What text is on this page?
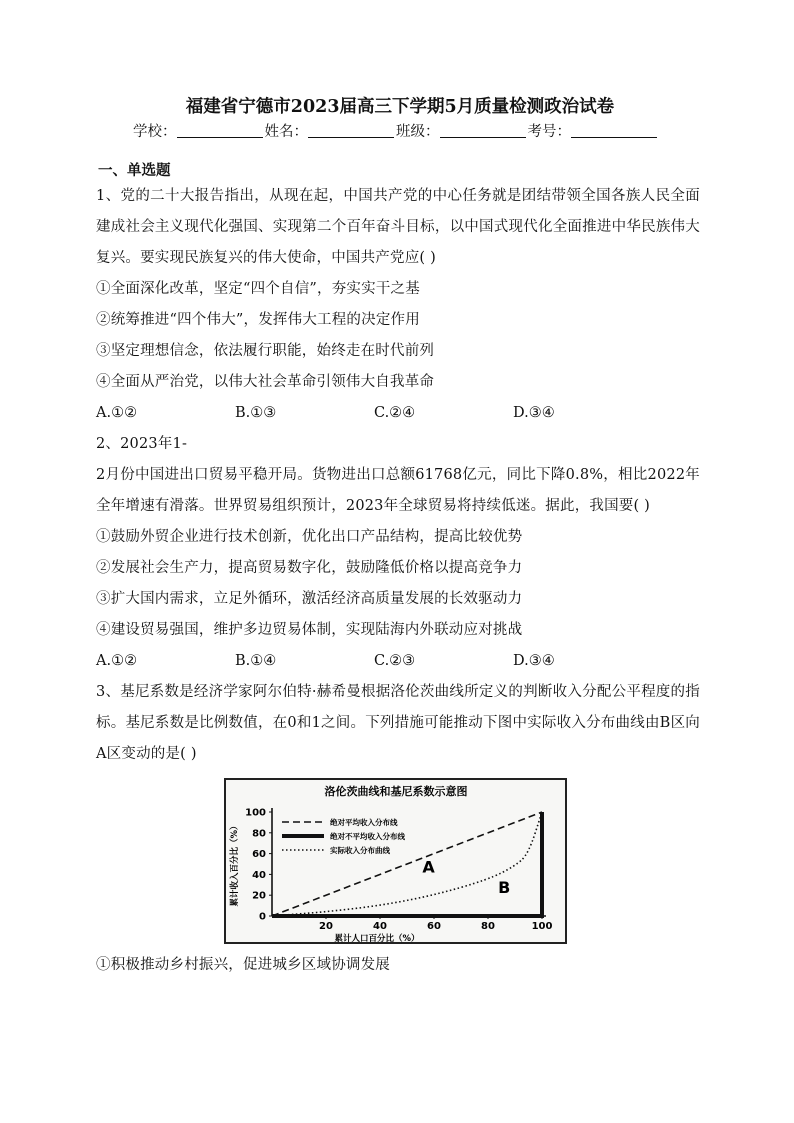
福建省宁德市2023届高三下学期5月质量检测政治试卷
学校：	姓名：	班级：	考号：
一、单选题

1、党的二十大报告指出，从现在起，中国共产党的中心任务就是团结带领全国各族人民全面建成社会主义现代化强国、实现第二个百年奋斗目标，以中国式现代化全面推进中华民族伟大复兴。要实现民族复兴的伟大使命，中国共产党应( )

①全面深化改革，坚定“四个自信”，夯实实干之基

②统筹推进“四个伟大”，发挥伟大工程的决定作用

③坚定理想信念，依法履行职能，始终走在时代前列

④全面从严治党，以伟大社会革命引领伟大自我革命

A.①②	B.①③	C.②④	D.③④

2、2023年1-

2月份中国进出口贸易平稳开局。货物进出口总额61768亿元，同比下降0.8%，相比2022年全年增速有滑落。世界贸易组织预计，2023年全球贸易将持续低迷。据此，我国要( )

①鼓励外贸企业进行技术创新，优化出口产品结构，提高比较优势

②发展社会生产力，提高贸易数字化，鼓励隆低价格以提高竞争力

③扩大国内需求，立足外循环，激活经济高质量发展的长效驱动力

④建设贸易强国，维护多边贸易体制，实现陆海内外联动应对挑战

A.①②	B.①④	C.②③	D.③④

3、基尼系数是经济学家阿尔伯特·赫希曼根据洛伦茨曲线所定义的判断收入分配公平程度的指标。基尼系数是比例数值，在0和1之间。下列措施可能推动下图中实际收入分布曲线由B区向A区变动的是( )

洛伦茨曲线和基尼系数示意图
0
20
40
60
80
100
20	40	60	80	100
绝对平均收入分布线
绝对不平均收入分布线
实际收入分布曲线
A
B
累计收入百分比（%）
累计人口百分比（%）

①积极推动乡村振兴，促进城乡区域协调发展
